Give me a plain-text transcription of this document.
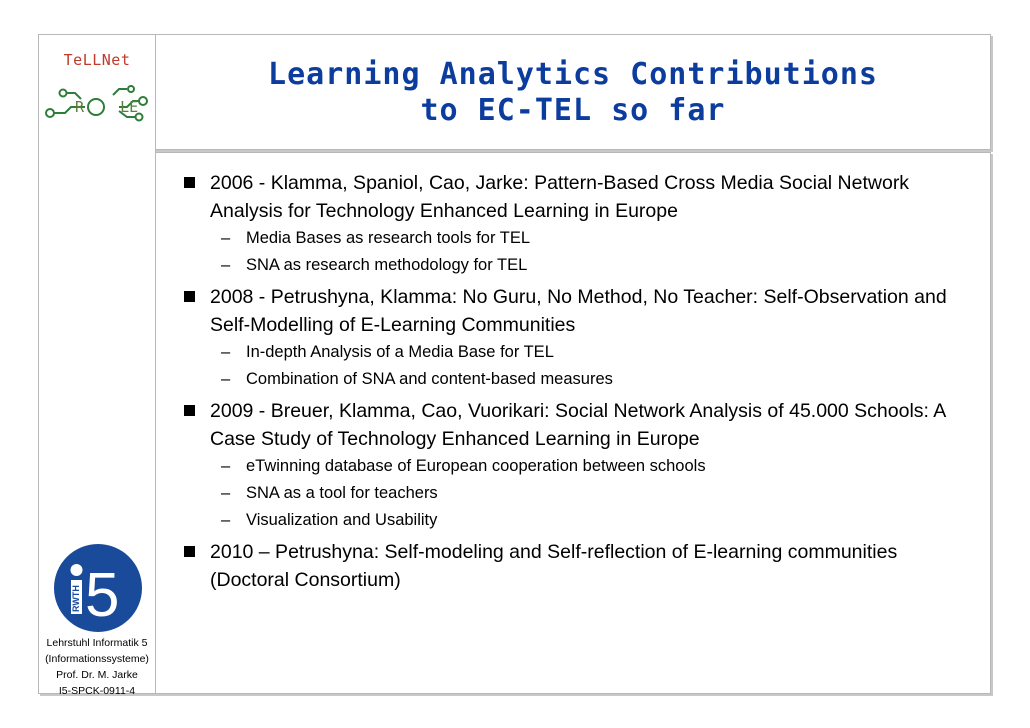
TeLLNet
R    LE
RWTH 5
Lehrstuhl Informatik 5
(Informationssysteme)
Prof. Dr. M. Jarke
I5-SPCK-0911-4
Learning Analytics Contributions
to EC-TEL so far
2006 - Klamma, Spaniol, Cao, Jarke: Pattern-Based Cross Media Social Network Analysis for Technology Enhanced Learning in Europe
– Media Bases as research tools for TEL
– SNA as research methodology for TEL
2008 - Petrushyna, Klamma: No Guru, No Method, No Teacher: Self-Observation and Self-Modelling of E-Learning Communities
– In-depth Analysis of a Media Base for TEL
– Combination of SNA and content-based measures
2009 - Breuer, Klamma, Cao, Vuorikari: Social Network Analysis of 45.000 Schools: A Case Study of Technology Enhanced Learning in Europe
– eTwinning database of European cooperation between schools
– SNA as a tool for teachers
– Visualization and Usability
2010 – Petrushyna: Self-modeling and Self-reflection of E-learning communities (Doctoral Consortium)
